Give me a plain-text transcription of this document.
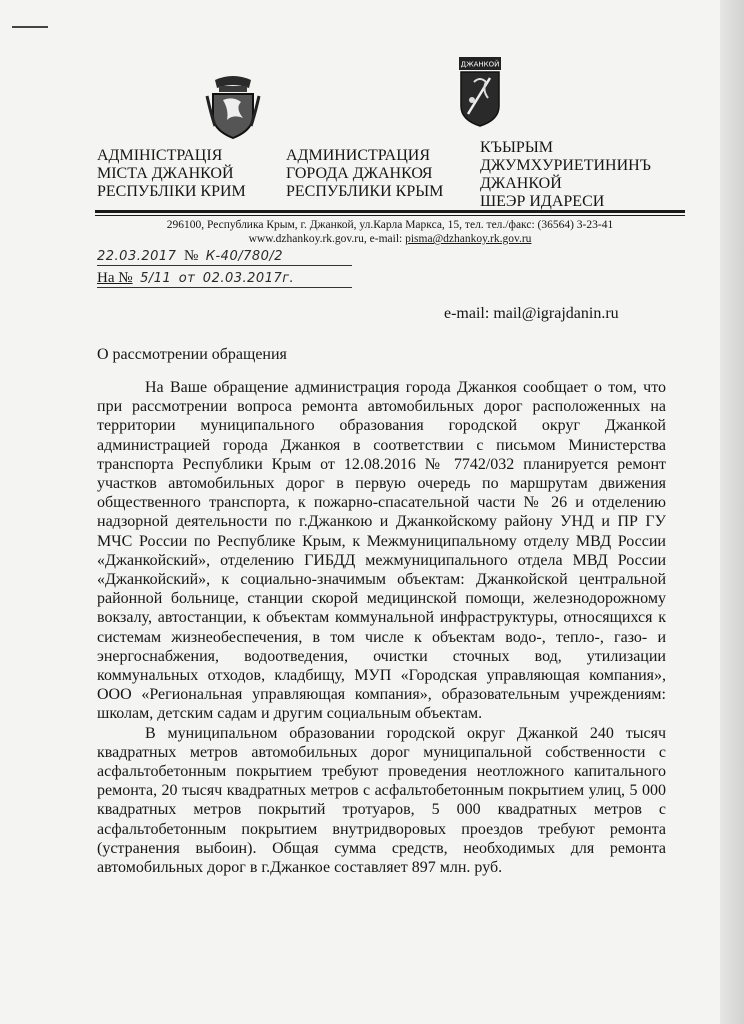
ДЖАНКОЙ
АДМІНІСТРАЦІЯ
МІСТА ДЖАНКОЙ
РЕСПУБЛІКИ КРИМ
АДМИНИСТРАЦИЯ
ГОРОДА ДЖАНКОЯ
РЕСПУБЛИКИ КРЫМ
КЪЫРЫМ
ДЖУМХУРИЕТИНИНЪ
ДЖАНКОЙ
ШЕЭР ИДАРЕСИ
296100, Республика Крым, г. Джанкой, ул.Карла Маркса, 15, тел. тел./факс: (36564) 3-23-41
www.dzhankoy.rk.gov.ru, e-mail: pisma@dzhankoy.rk.gov.ru
22.03.2017 № К-40/780/2
На № 5/11 от 02.03.2017г.
e-mail: mail@igrajdanin.ru
О рассмотрении обращения

На Ваше обращение администрация города Джанкоя сообщает о том, что при рассмотрении вопроса ремонта автомобильных дорог расположенных на территории муниципального образования городской округ Джанкой администрацией города Джанкоя в соответствии с письмом Министерства транспорта Республики Крым от 12.08.2016 № 7742/032 планируется ремонт участков автомобильных дорог в первую очередь по маршрутам движения общественного транспорта, к пожарно-спасательной части № 26 и отделению надзорной деятельности по г.Джанкою и Джанкойскому району УНД и ПР ГУ МЧС России по Республике Крым, к Межмуниципальному отделу МВД России «Джанкойский», отделению ГИБДД межмуниципального отдела МВД России «Джанкойский», к социально-значимым объектам: Джанкойской центральной районной больнице, станции скорой медицинской помощи, железнодорожному вокзалу, автостанции, к объектам коммунальной инфраструктуры, относящихся к системам жизнеобеспечения, в том числе к объектам водо-, тепло-, газо- и энергоснабжения, водоотведения, очистки сточных вод, утилизации коммунальных отходов, кладбищу, МУП «Городская управляющая компания», ООО «Региональная управляющая компания», образовательным учреждениям: школам, детским садам и другим социальным объектам.

В муниципальном образовании городской округ Джанкой 240 тысяч квадратных метров автомобильных дорог муниципальной собственности с асфальтобетонным покрытием требуют проведения неотложного капитального ремонта, 20 тысяч квадратных метров с асфальтобетонным покрытием улиц, 5 000 квадратных метров покрытий тротуаров, 5 000 квадратных метров с асфальтобетонным покрытием внутридворовых проездов требуют ремонта (устранения выбоин). Общая сумма средств, необходимых для ремонта автомобильных дорог в г.Джанкое составляет 897 млн. руб.
